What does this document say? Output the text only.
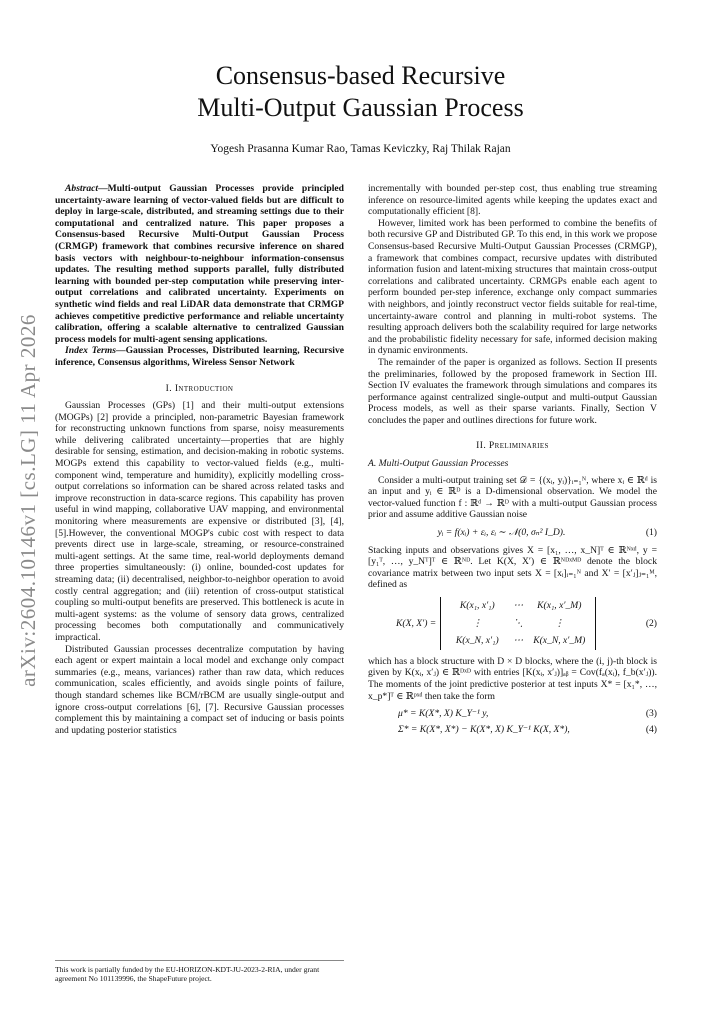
arXiv:2604.10146v1 [cs.LG] 11 Apr 2026
Consensus-based Recursive
Multi-Output Gaussian Process
Yogesh Prasanna Kumar Rao, Tamas Keviczky, Raj Thilak Rajan

Abstract—Multi-output Gaussian Processes provide principled uncertainty-aware learning of vector-valued fields but are difficult to deploy in large-scale, distributed, and streaming settings due to their computational and centralized nature. This paper proposes a Consensus-based Recursive Multi-Output Gaussian Process (CRMGP) framework that combines recursive inference on shared basis vectors with neighbour-to-neighbour information-consensus updates. The resulting method supports parallel, fully distributed learning with bounded per-step computation while preserving inter-output correlations and calibrated uncertainty. Experiments on synthetic wind fields and real LiDAR data demonstrate that CRMGP achieves competitive predictive performance and reliable uncertainty calibration, offering a scalable alternative to centralized Gaussian process models for multi-agent sensing applications.

Index Terms—Gaussian Processes, Distributed learning, Recursive inference, Consensus algorithms, Wireless Sensor Network

I. Introduction

Gaussian Processes (GPs) [1] and their multi-output extensions (MOGPs) [2] provide a principled, non-parametric Bayesian framework for reconstructing unknown functions from sparse, noisy measurements while delivering calibrated uncertainty—properties that are highly desirable for sensing, estimation, and decision-making in robotic systems. MOGPs extend this capability to vector-valued fields (e.g., multi-component wind, temperature and humidity), explicitly modelling cross-output correlations so information can be shared across related tasks and improve reconstruction in data-scarce regions. This capability has proven useful in wind mapping, collaborative UAV mapping, and environmental monitoring where measurements are expensive or distributed [3], [4], [5].However, the conventional MOGP's cubic cost with respect to data prevents direct use in large-scale, streaming, or resource-constrained multi-agent settings. At the same time, real-world deployments demand three properties simultaneously: (i) online, bounded-cost updates for streaming data; (ii) decentralised, neighbor-to-neighbor operation to avoid costly central aggregation; and (iii) retention of cross-output statistical coupling so multi-output benefits are preserved. This bottleneck is acute in multi-agent systems: as the volume of sensory data grows, centralized processing becomes both computationally and communicatively impractical.

Distributed Gaussian processes decentralize computation by having each agent or expert maintain a local model and exchange only compact summaries (e.g., means, variances) rather than raw data, which reduces communication, scales efficiently, and avoids single points of failure, though standard schemes like BCM/rBCM are usually single-output and ignore cross-output correlations [6], [7]. Recursive Gaussian processes complement this by maintaining a compact set of inducing or basis points and updating posterior statistics

This work is partially funded by the EU-HORIZON-KDT-JU-2023-2-RIA, under grant agreement No 101139996, the ShapeFuture project.

incrementally with bounded per-step cost, thus enabling true streaming inference on resource-limited agents while keeping the updates exact and computationally efficient [8].

However, limited work has been performed to combine the benefits of both recursive GP and Distributed GP. To this end, in this work we propose Consensus-based Recursive Multi-Output Gaussian Processes (CRMGP), a framework that combines compact, recursive updates with distributed information fusion and latent-mixing structures that maintain cross-output correlations and calibrated uncertainty. CRMGPs enable each agent to perform bounded per-step inference, exchange only compact summaries with neighbors, and jointly reconstruct vector fields suitable for real-time, uncertainty-aware control and planning in multi-robot systems. The resulting approach delivers both the scalability required for large networks and the probabilistic fidelity necessary for safe, informed decision making in dynamic environments.

The remainder of the paper is organized as follows. Section II presents the preliminaries, followed by the proposed framework in Section III. Section IV evaluates the framework through simulations and compares its performance against centralized single-output and multi-output Gaussian Process models, as well as their sparse variants. Finally, Section V concludes the paper and outlines directions for future work.

II. Preliminaries
A. Multi-Output Gaussian Processes

Consider a multi-output training set 𝒟 = {(xᵢ, yᵢ)}ᵢ₌₁ᴺ, where xᵢ ∈ ℝᵈ is an input and yᵢ ∈ ℝᴰ is a D-dimensional observation. We model the vector-valued function f : ℝᵈ → ℝᴰ with a multi-output Gaussian process prior and assume additive Gaussian noise

yᵢ = f(xᵢ) + εᵢ, εᵢ ∼ 𝒩(0, σₙ² I_D).	(1)

Stacking inputs and observations gives X = [x₁, …, x_N]ᵀ ∈ ℝᴺˣᵈ, y = [y₁ᵀ, …, y_Nᵀ]ᵀ ∈ ℝᴺᴰ. Let K(X, X′) ∈ ℝᴺᴰˣᴹᴰ denote the block covariance matrix between two input sets X = [xᵢ]ᵢ₌₁ᴺ and X′ = [x′ⱼ]ⱼ₌₁ᴹ, defined as

K(X, X′) =
K(x₁, x′₁)	⋯	K(x₁, x′_M)
⋮	⋱	⋮
K(x_N, x′₁)	⋯	K(x_N, x′_M)
(2)

which has a block structure with D × D blocks, where the (i, j)-th block is given by K(xᵢ, x′ⱼ) ∈ ℝᴰˣᴰ with entries [K(xᵢ, x′ⱼ)]ₐᵦ = Cov(fₐ(xᵢ), f_b(x′ⱼ)). The moments of the joint predictive posterior at test inputs X* = [x₁*, …, x_p*]ᵀ ∈ ℝᵖˣᵈ then take the form

μ* = K(X*, X) K_Y⁻¹ y,	(3)
Σ* = K(X*, X*) − K(X*, X) K_Y⁻¹ K(X, X*),	(4)
